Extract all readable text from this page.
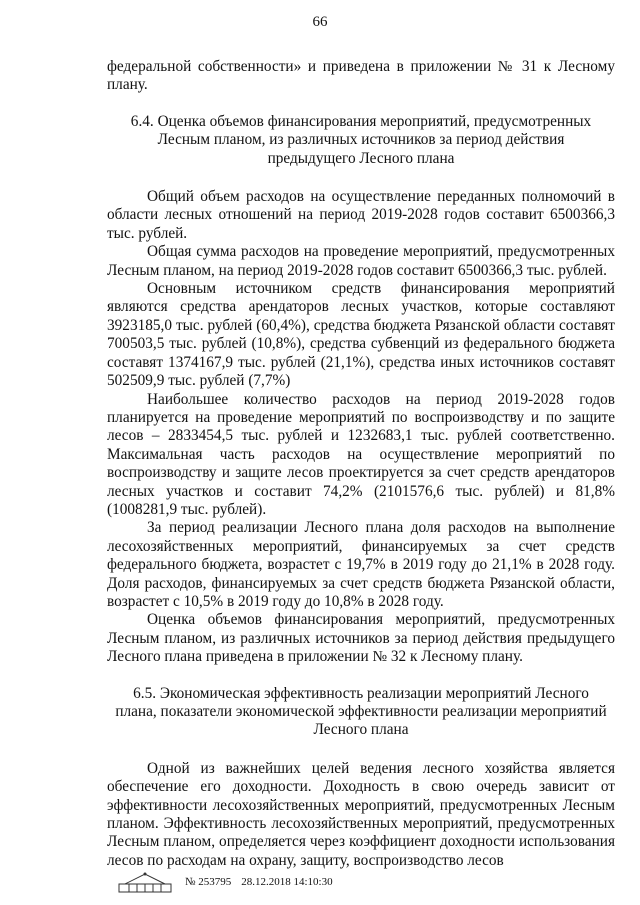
66

федеральной собственности» и приведена в приложении № 31 к Лесному плану.

6.4. Оценка объемов финансирования мероприятий, предусмотренных Лесным планом, из различных источников за период действия предыдущего Лесного плана

Общий объем расходов на осуществление переданных полномочий в области лесных отношений на период 2019-2028 годов составит 6500366,3 тыс. рублей.

Общая сумма расходов на проведение мероприятий, предусмотренных Лесным планом, на период 2019-2028 годов составит 6500366,3 тыс. рублей.

Основным источником средств финансирования мероприятий являются средства арендаторов лесных участков, которые составляют 3923185,0 тыс. рублей (60,4%), средства бюджета Рязанской области составят 700503,5 тыс. рублей (10,8%), средства субвенций из федерального бюджета составят 1374167,9 тыс. рублей (21,1%), средства иных источников составят 502509,9 тыс. рублей (7,7%)

Наибольшее количество расходов на период 2019-2028 годов планируется на проведение мероприятий по воспроизводству и по защите лесов – 2833454,5 тыс. рублей и 1232683,1 тыс. рублей соответственно. Максимальная часть расходов на осуществление мероприятий по воспроизводству и защите лесов проектируется за счет средств арендаторов лесных участков и составит 74,2% (2101576,6 тыс. рублей) и 81,8% (1008281,9 тыс. рублей).

За период реализации Лесного плана доля расходов на выполнение лесохозяйственных мероприятий, финансируемых за счет средств федерального бюджета, возрастет с 19,7% в 2019 году до 21,1% в 2028 году. Доля расходов, финансируемых за счет средств бюджета Рязанской области, возрастет с 10,5% в 2019 году до 10,8% в 2028 году.

Оценка объемов финансирования мероприятий, предусмотренных Лесным планом, из различных источников за период действия предыдущего Лесного плана приведена в приложении № 32 к Лесному плану.

6.5. Экономическая эффективность реализации мероприятий Лесного плана, показатели экономической эффективности реализации мероприятий Лесного плана

Одной из важнейших целей ведения лесного хозяйства является обеспечение его доходности. Доходность в свою очередь зависит от эффективности лесохозяйственных мероприятий, предусмотренных Лесным планом. Эффективность лесохозяйственных мероприятий, предусмотренных Лесным планом, определяется через коэффициент доходности использования лесов по расходам на охрану, защиту, воспроизводство лесов

№ 253795 28.12.2018 14:10:30
